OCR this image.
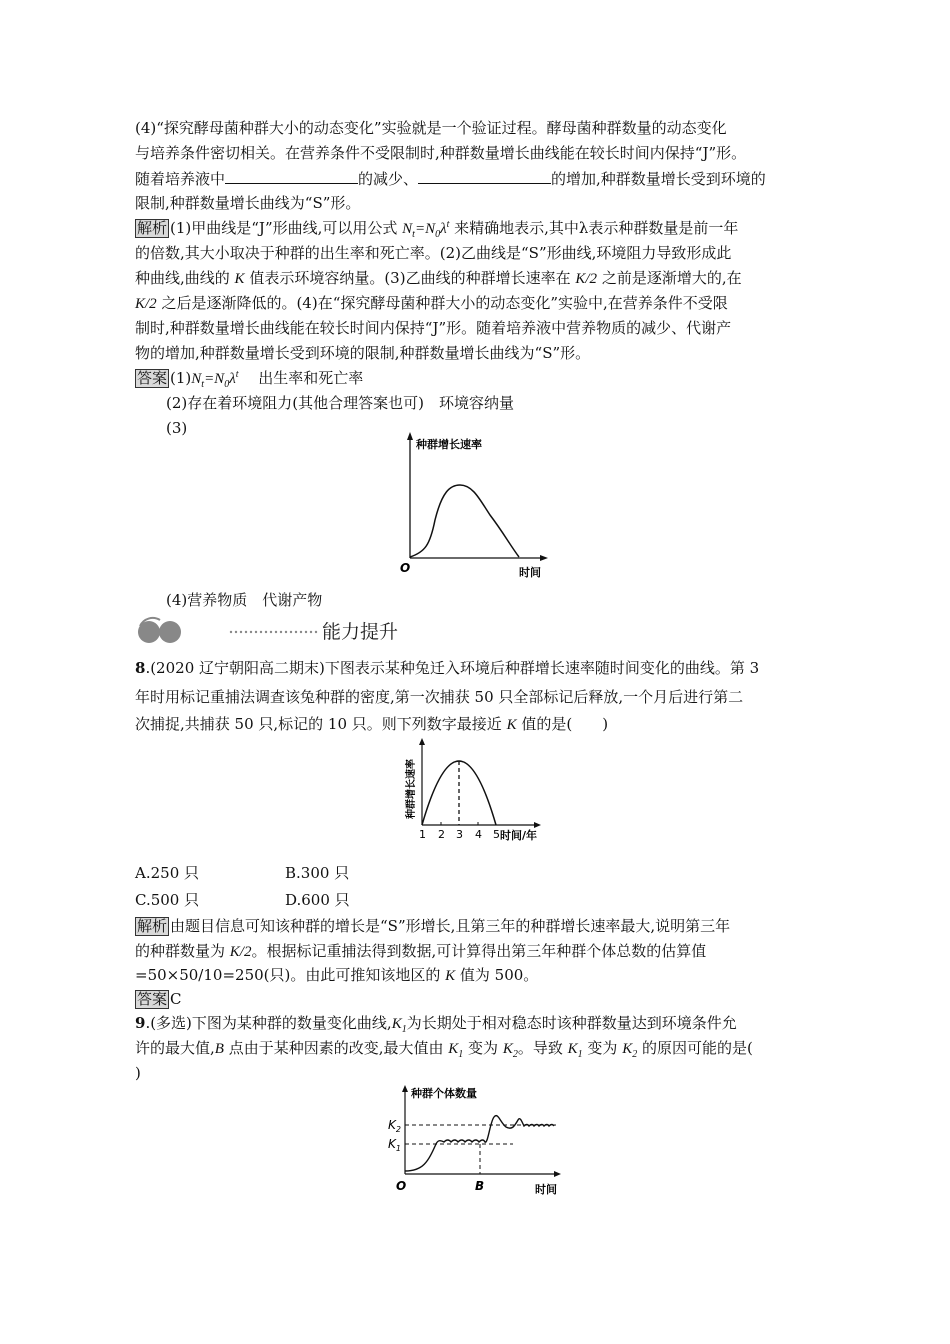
(4)“探究酵母菌种群大小的动态变化”实验就是一个验证过程。酵母菌种群数量的动态变化
与培养条件密切相关。在营养条件不受限制时,种群数量增长曲线能在较长时间内保持“J”形。
随着培养液中	的减少、	的增加,种群数量增长受到环境的
限制,种群数量增长曲线为“S”形。
解析 (1)甲曲线是“J”形曲线,可以用公式 $N_t=N_0\lambda^t$ 来精确地表示,其中λ表示种群数量是前一年
的倍数,其大小取决于种群的出生率和死亡率。(2)乙曲线是“S”形曲线,环境阻力导致形成此
种曲线,曲线的 K 值表示环境容纳量。(3)乙曲线的种群增长速率在 K/2 之前是逐渐增大的,在
K/2 之后是逐渐降低的。(4)在“探究酵母菌种群大小的动态变化”实验中,在营养条件不受限
制时,种群数量增长曲线能在较长时间内保持“J”形。随着培养液中营养物质的减少、代谢产
物的增加,种群数量增长受到环境的限制,种群数量增长曲线为“S”形。
答案 $(1)N_t=N_0\lambda^t$　 出生率和死亡率
(2)存在着环境阻力(其他合理答案也可)　环境容纳量
(3)
种群增长速率
时间
O
(4)营养物质　代谢产物
能力提升
8.(2020 辽宁朝阳高二期末)下图表示某种兔迁入环境后种群增长速率随时间变化的曲线。第 3
年时用标记重捕法调查该兔种群的密度,第一次捕获 50 只全部标记后释放,一个月后进行第二
次捕捉,共捕获 50 只,标记的 10 只。则下列数字最接近 K 值的是(　　)
种群增长速率
1 2 3 4 5 时间/年
A.250 只	B.300 只
C.500 只	D.600 只
解析 由题目信息可知该种群的增长是“S”形增长,且第三年的种群增长速率最大,说明第三年
的种群数量为 K/2。根据标记重捕法得到数据,可计算得出第三年种群个体总数的估算值
=50×50/10=250(只)。由此可推知该地区的 K 值为 500。
答案 C
9.(多选)下图为某种群的数量变化曲线$,K_1$为长期处于相对稳态时该种群数量达到环境条件允
许的最大值,B 点由于某种因素的改变,最大值由 $K_1$ 变为 $K_2$。导致 $K_1$ 变为 $K_2$ 的原因可能的是(
)
种群个体数量
$K_2$
$K_1$
O	B	时间
